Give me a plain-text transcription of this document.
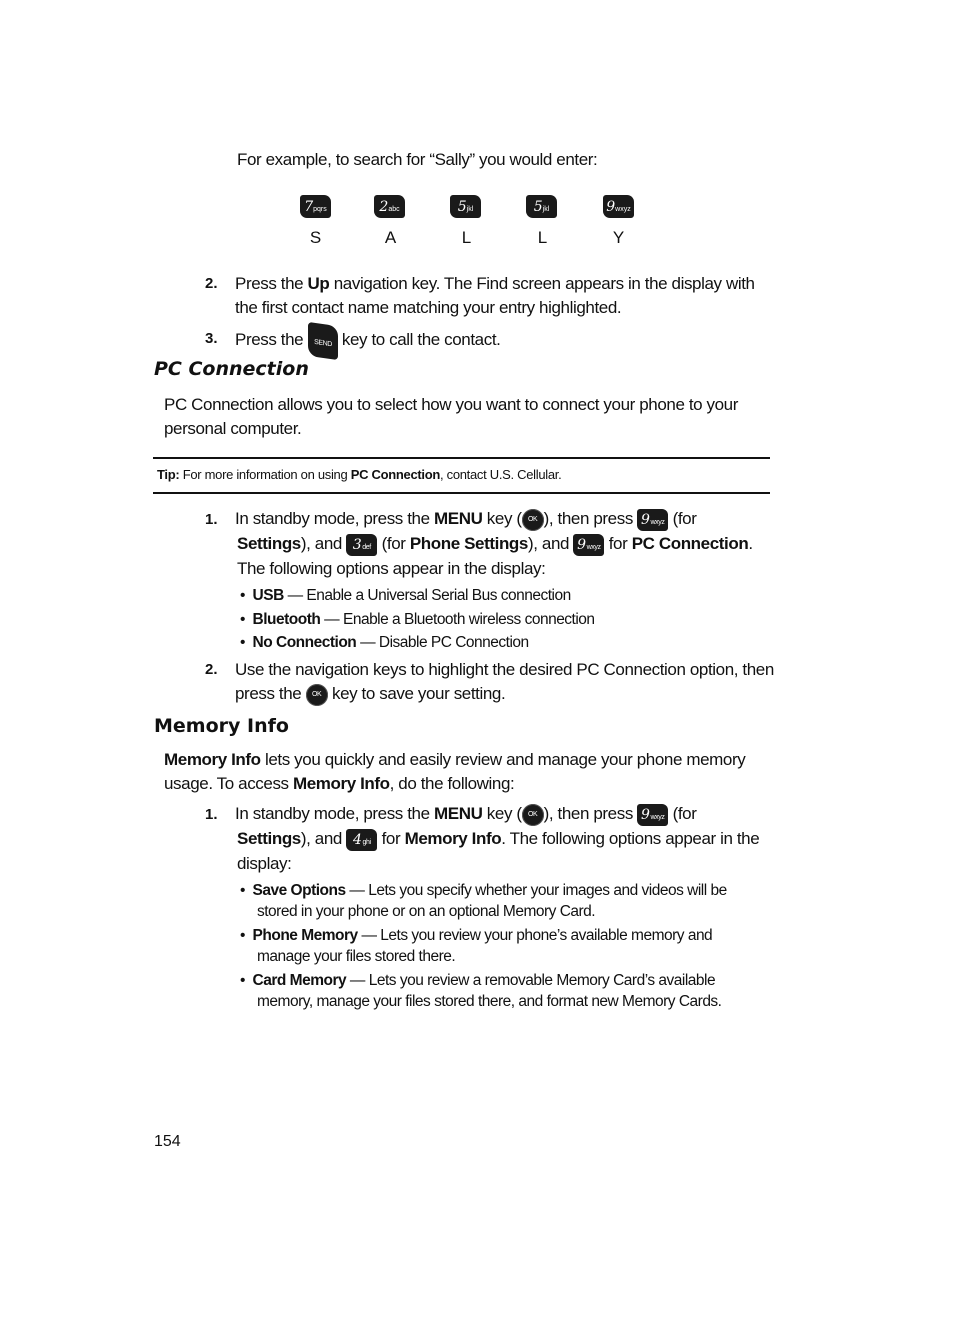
For example, to search for “Sally” you would enter:
7pqrs	2abc	5jkl	5jkl	9wxyz
S	A	L	L	Y
2. Press the Up navigation key. The Find screen appears in the display with
the first contact name matching your entry highlighted.
3. Press the SEND key to call the contact.
PC Connection
PC Connection allows you to select how you want to connect your phone to your
personal computer.
Tip: For more information on using PC Connection, contact U.S. Cellular.
1. In standby mode, press the MENU key ( OK ), then press 9wxyz (for
Settings), and 3def (for Phone Settings), and 9wxyz for PC Connection.
The following options appear in the display:
•  USB — Enable a Universal Serial Bus connection
•  Bluetooth — Enable a Bluetooth wireless connection
•  No Connection — Disable PC Connection
2. Use the navigation keys to highlight the desired PC Connection option, then
press the OK key to save your setting.
Memory Info
Memory Info lets you quickly and easily review and manage your phone memory
usage. To access Memory Info, do the following:
1. In standby mode, press the MENU key ( OK ), then press 9wxyz (for
Settings), and 4ghi for Memory Info. The following options appear in the
display:
•  Save Options — Lets you specify whether your images and videos will be
stored in your phone or on an optional Memory Card.
•  Phone Memory — Lets you review your phone’s available memory and
manage your files stored there.
•  Card Memory — Lets you review a removable Memory Card’s available
memory, manage your files stored there, and format new Memory Cards.
154
